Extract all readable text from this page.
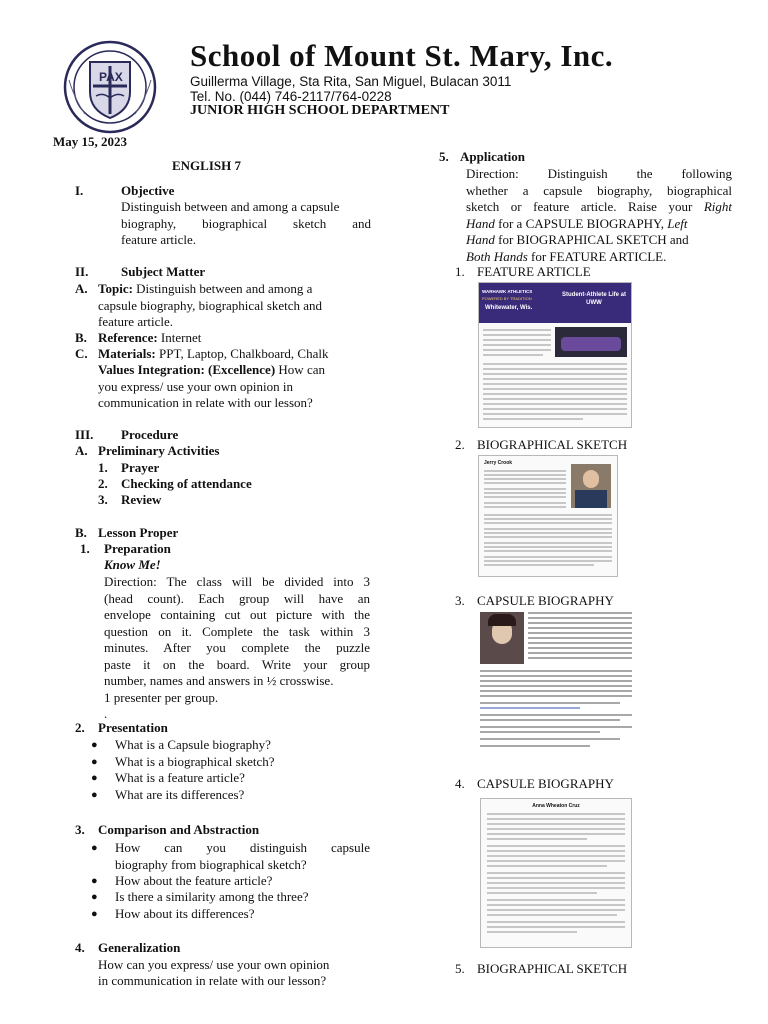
PAX
School of Mount St. Mary, Inc.
Guillerma Village, Sta Rita, San Miguel, Bulacan 3011
Tel. No. (044) 746-2117/764-0228
JUNIOR HIGH SCHOOL DEPARTMENT
May 15, 2023
ENGLISH 7
I.	Objective
Distinguish between and among a capsule
biography, biographical sketch and
feature article.
II.	Subject Matter
A. Topic: Distinguish between and among a
capsule biography, biographical sketch and
feature article.
B. Reference: Internet
C. Materials: PPT, Laptop, Chalkboard, Chalk
Values Integration: (Excellence) How can
you express/ use your own opinion in
communication in relate with our lesson?
III. Procedure
A. Preliminary Activities
1. Prayer
2. Checking of attendance
3. Review
B. Lesson Proper
1. Preparation
Know Me!
Direction: The class will be divided into 3
(head count). Each group will have an
envelope containing cut out picture with the
question on it. Complete the task within 3
minutes. After you complete the puzzle
paste it on the board. Write your group
number, names and answers in ½ crosswise.
1 presenter per group.
.
2. Presentation
● What is a Capsule biography?
● What is a biographical sketch?
● What is a feature article?
● What are its differences?
3. Comparison and Abstraction
● How can you distinguish capsule
biography from biographical sketch?
● How about the feature article?
● Is there a similarity among the three?
● How about its differences?
4. Generalization
How can you express/ use your own opinion
in communication in relate with our lesson?
5. Application
Direction: Distinguish the following
whether a capsule biography, biographical
sketch or feature article. Raise your Right
Hand for a CAPSULE BIOGRAPHY, Left
Hand for BIOGRAPHICAL SKETCH and
Both Hands for FEATURE ARTICLE.
1. FEATURE ARTICLE
WARHAWK ATHLETICS
POWERED BY TRADITION
Whitewater, Wis.
Student-Athlete Life at UWW
2. BIOGRAPHICAL SKETCH
Jerry Crook
3. CAPSULE BIOGRAPHY
4. CAPSULE BIOGRAPHY
Anna Wheaton Cruz
5. BIOGRAPHICAL SKETCH
